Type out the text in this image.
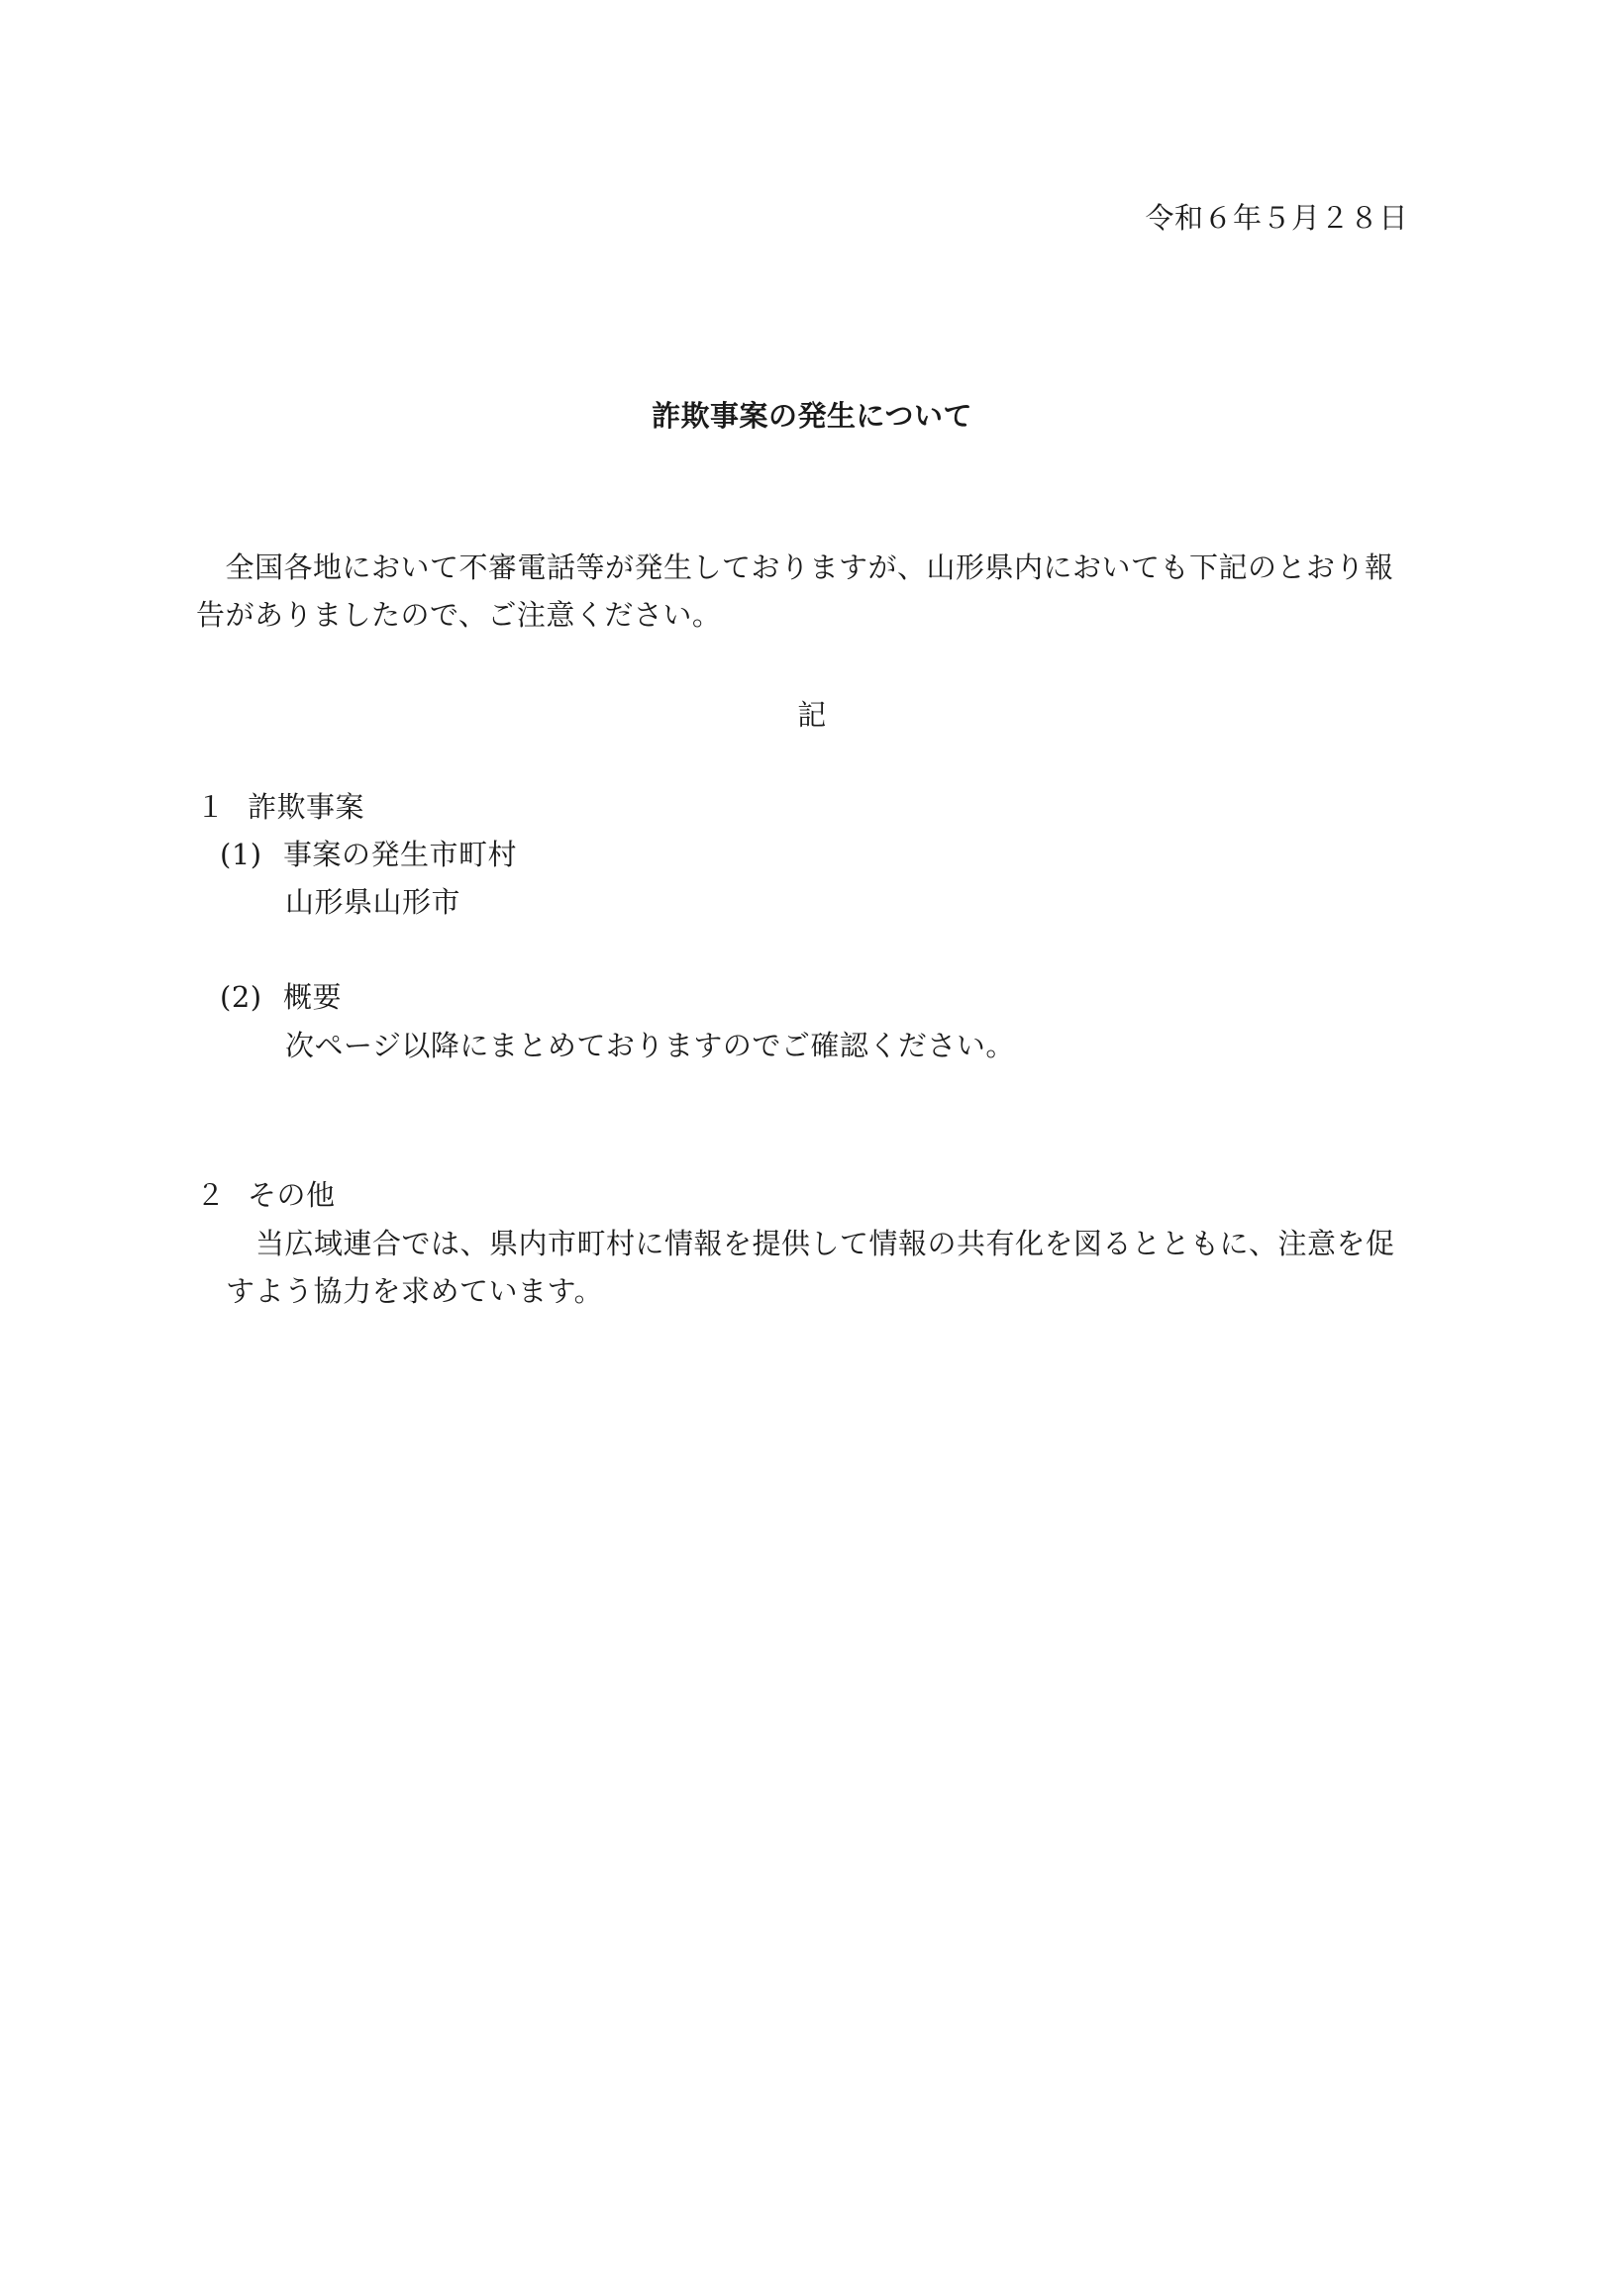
令和６年５月２８日
詐欺事案の発生について
　全国各地において不審電話等が発生しておりますが、山形県内においても下記のとおり報
告がありましたので、ご注意ください。
記
１ 詐欺事案
(1) 事案の発生市町村
山形県山形市
(2) 概要
次ページ以降にまとめておりますのでご確認ください。
２ その他
当広域連合では、県内市町村に情報を提供して情報の共有化を図るとともに、注意を促
すよう協力を求めています。
